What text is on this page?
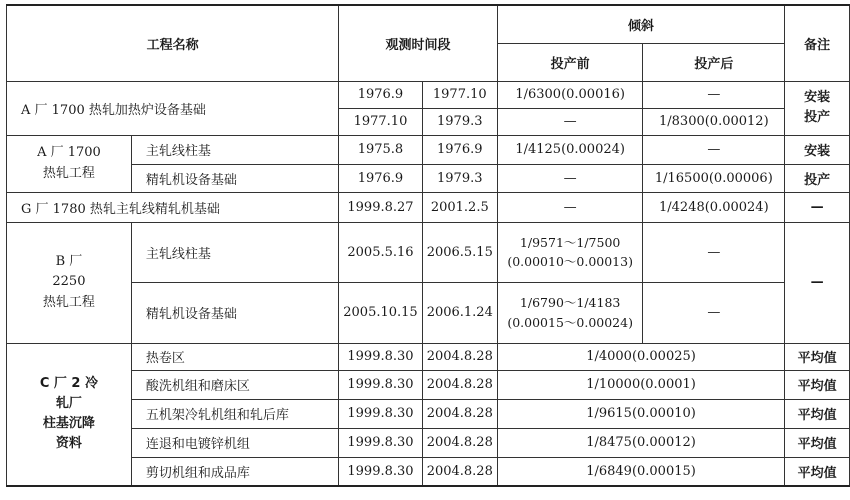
工程名称		观测时间段		倾斜		备注
				投产前	投产后	
A 厂 1700 热轧加热炉设备基础		1976.9	1977.10	1/6300(0.00016)	—	安装
投产
		1977.10	1979.3	—	1/8300(0.00012)	
A 厂 1700
热轧工程	主轧线柱基	1975.8	1976.9	1/4125(0.00024)	—	安装
	精轧机设备基础	1976.9	1979.3	—	1/16500(0.00006)	投产
G 厂 1780 热轧主轧线精轧机基础		1999.8.27	2001.2.5	—	1/4248(0.00024)	—
B 厂
2250
热轧工程	主轧线柱基	2005.5.16	2006.5.15	1/9571～1/7500
(0.00010～0.00013)	—	—
	精轧机设备基础	2005.10.15	2006.1.24	1/6790～1/4183
(0.00015～0.00024)	—	
C 厂 2 冷
轧厂
柱基沉降
资料	热卷区	1999.8.30	2004.8.28	1/4000(0.00025)		平均值
	酸洗机组和磨床区	1999.8.30	2004.8.28	1/10000(0.0001)		平均值
	五机架冷轧机组和轧后库	1999.8.30	2004.8.28	1/9615(0.00010)		平均值
	连退和电镀锌机组	1999.8.30	2004.8.28	1/8475(0.00012)		平均值
	剪切机组和成品库	1999.8.30	2004.8.28	1/6849(0.00015)		平均值
